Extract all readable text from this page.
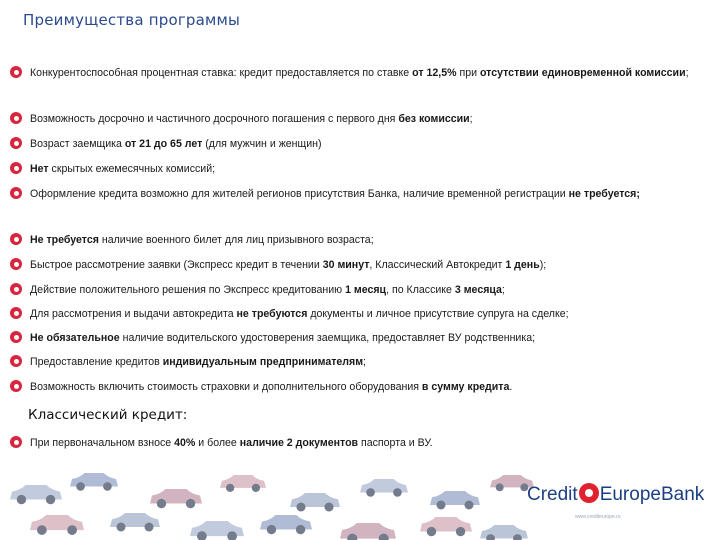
Преимущества программы
Конкурентоспособная процентная ставка: кредит предоставляется по ставке от 12,5% при отсутствии единовременной комиссии;
Возможность досрочно и частичного досрочного погашения с первого дня без комиссии;
Возраст заемщика от 21 до 65 лет (для мужчин и женщин)
Нет скрытых ежемесячных комиссий;
Оформление кредита возможно для жителей регионов присутствия Банка, наличие временной регистрации не требуется;
Не требуется наличие военного билет для лиц призывного возраста;
Быстрое рассмотрение заявки (Экспресс кредит в течении 30 минут, Классический Автокредит 1 день);
Действие положительного решения по Экспресс кредитованию 1 месяц, по Классике 3 месяца;
Для рассмотрения и выдачи автокредита не требуются документы и личное присутствие супруга на сделке;
Не обязательное наличие водительского удостоверения заемщика, предоставляет ВУ родственника;
Предоставление кредитов индивидуальным предпринимателям;
Возможность включить стоимость страховки и дополнительного оборудования в сумму кредита.
Классический кредит:
При первоначальном взносе 40% и более наличие 2 документов паспорта и ВУ.
Credit EuropeBank
www.crediteurope.ru
